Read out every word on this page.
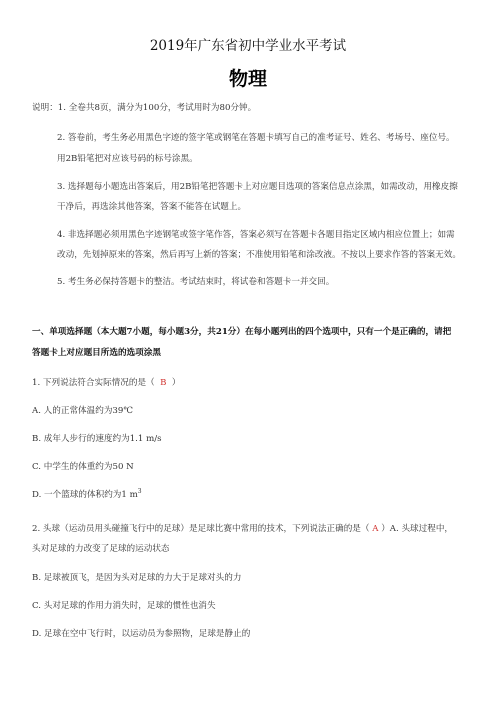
2019年广东省初中学业水平考试
物理
说明：1. 全卷共8页，满分为100分，考试用时为80分钟。
2. 答卷前，考生务必用黑色字迹的签字笔或钢笔在答题卡填写自己的准考证号、姓名、考场号、座位号。
用2B铅笔把对应该号码的标号涂黑。
3. 选择题每小题选出答案后，用2B铅笔把答题卡上对应题目选项的答案信息点涂黑，如需改动，用橡皮擦
干净后，再选涂其他答案，答案不能答在试题上。
4. 非选择题必须用黑色字迹钢笔或签字笔作答，答案必须写在答题卡各题目指定区域内相应位置上；如需
改动，先划掉原来的答案，然后再写上新的答案；不准使用铅笔和涂改液。不按以上要求作答的答案无效。
5. 考生务必保持答题卡的整洁。考试结束时，将试卷和答题卡一并交回。
一、单项选择题（本大题7小题，每小题3分，共21分）在每小题列出的四个选项中，只有一个是正确的，请把
答题卡上对应题目所选的选项涂黑
1. 下列说法符合实际情况的是（ B ）
A. 人的正常体温约为39℃
B. 成年人步行的速度约为1.1 m/s
C. 中学生的体重约为50 N
D. 一个篮球的体积约为1 $m^3$
2. 头球（运动员用头碰撞飞行中的足球）是足球比赛中常用的技术，下列说法正确的是（ A ）A. 头球过程中，
头对足球的力改变了足球的运动状态
B. 足球被顶飞，是因为头对足球的力大于足球对头的力
C. 头对足球的作用力消失时，足球的惯性也消失
D. 足球在空中飞行时，以运动员为参照物，足球是静止的
